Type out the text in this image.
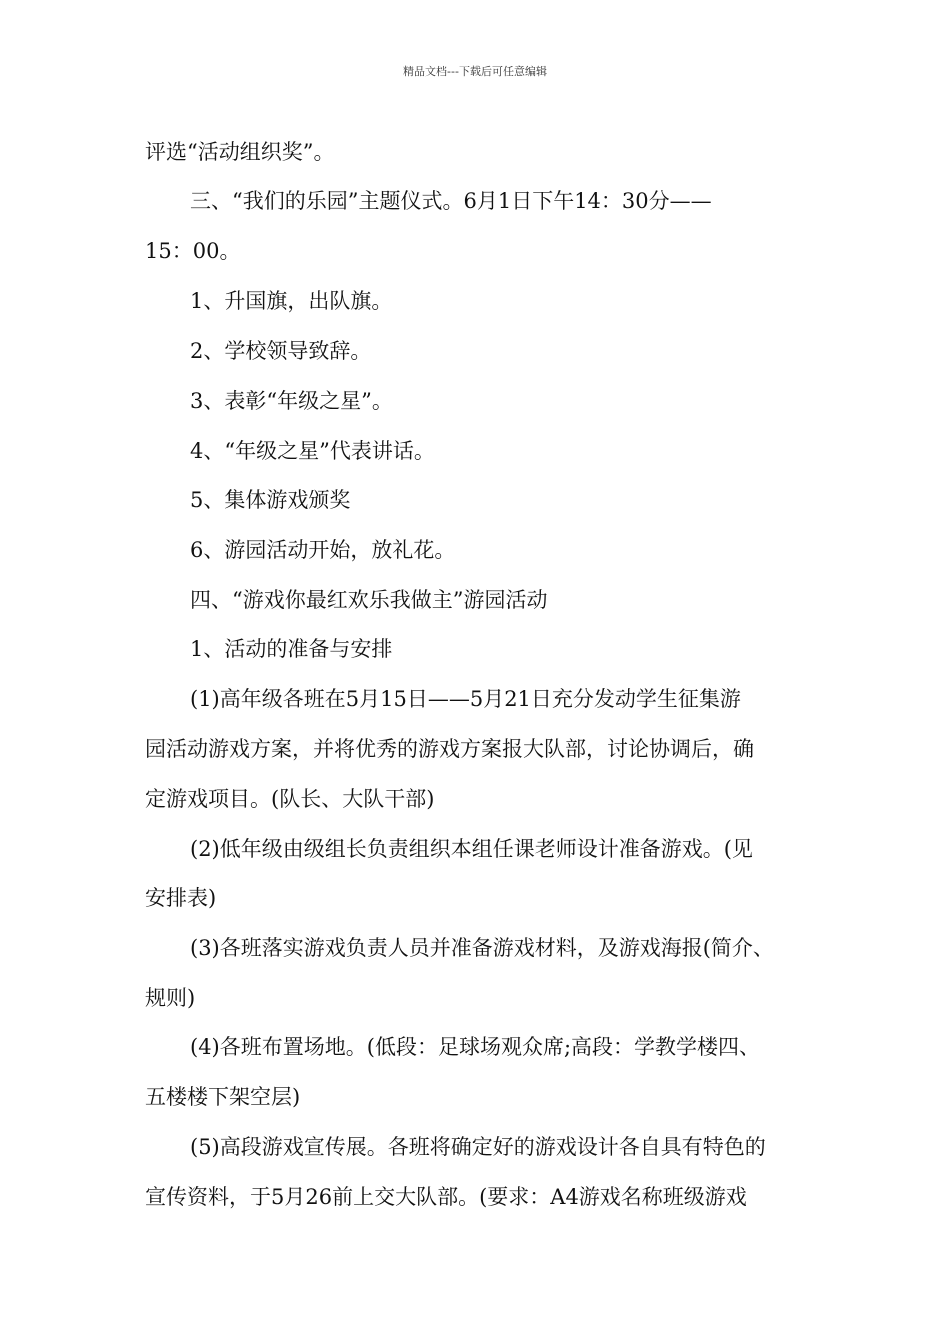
精品文档---下载后可任意编辑
评选“活动组织奖”。
三、“我们的乐园”主题仪式。6月1日下午14：30分——
15：00。
1、升国旗，出队旗。
2、学校领导致辞。
3、表彰“年级之星”。
4、“年级之星”代表讲话。
5、集体游戏颁奖
6、游园活动开始，放礼花。
四、“游戏你最红欢乐我做主”游园活动
1、活动的准备与安排
(1)高年级各班在5月15日——5月21日充分发动学生征集游
园活动游戏方案，并将优秀的游戏方案报大队部，讨论协调后，确
定游戏项目。(队长、大队干部)
(2)低年级由级组长负责组织本组任课老师设计准备游戏。(见
安排表)
(3)各班落实游戏负责人员并准备游戏材料，及游戏海报(简介、
规则)
(4)各班布置场地。(低段：足球场观众席;高段：学教学楼四、
五楼楼下架空层)
(5)高段游戏宣传展。各班将确定好的游戏设计各自具有特色的
宣传资料，于5月26前上交大队部。(要求：A4游戏名称班级游戏
